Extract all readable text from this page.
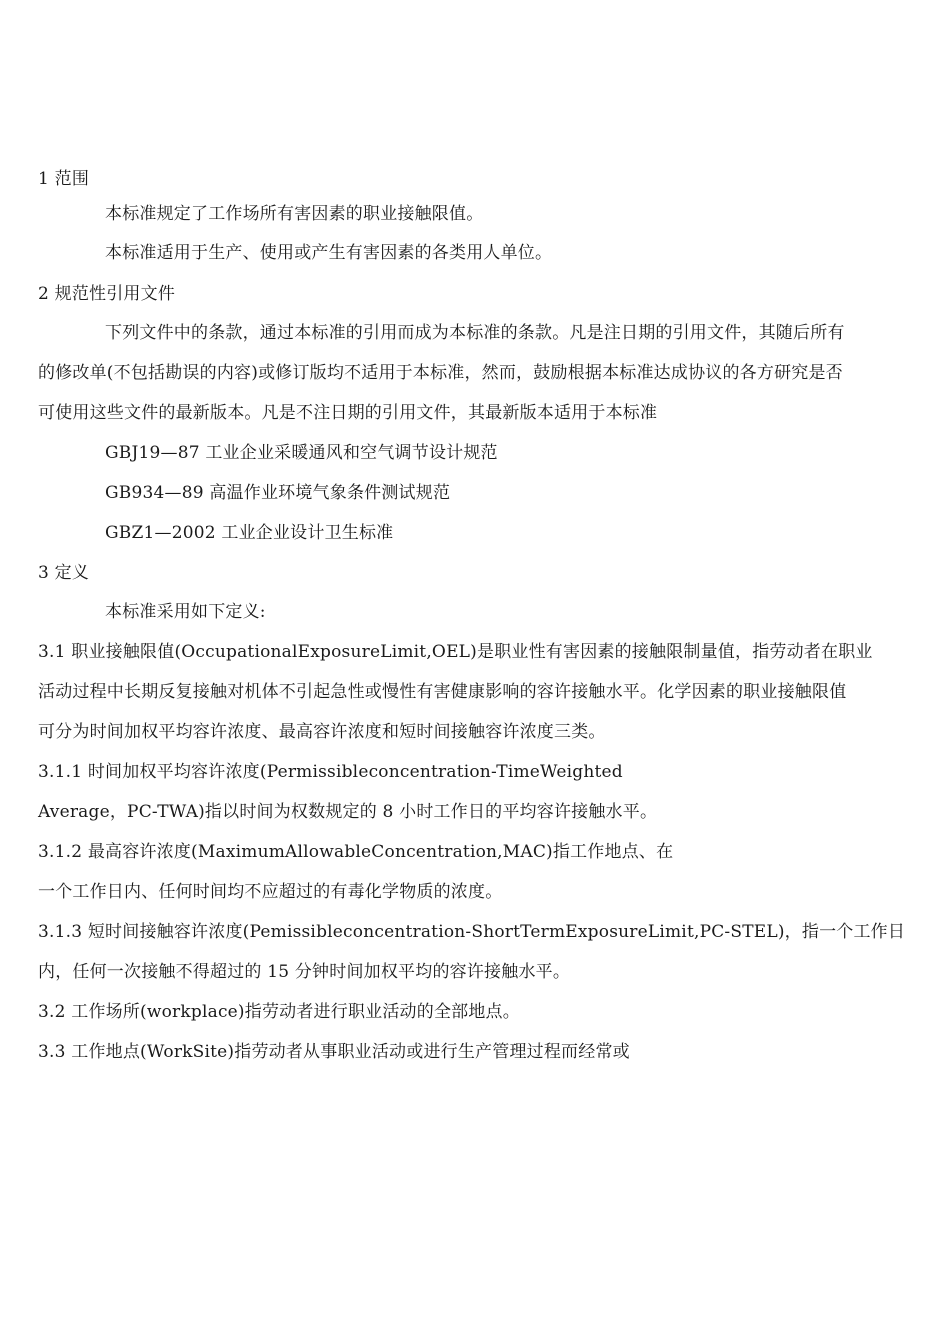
1 范围
本标准规定了工作场所有害因素的职业接触限值。
本标准适用于生产、使用或产生有害因素的各类用人单位。
2 规范性引用文件
下列文件中的条款，通过本标准的引用而成为本标准的条款。凡是注日期的引用文件，其随后所有
的修改单(不包括勘误的内容)或修订版均不适用于本标准，然而，鼓励根据本标准达成协议的各方研究是否
可使用这些文件的最新版本。凡是不注日期的引用文件，其最新版本适用于本标准
GBJ19—87 工业企业采暖通风和空气调节设计规范
GB934—89 高温作业环境气象条件测试规范
GBZ1—2002 工业企业设计卫生标准
3 定义
本标准采用如下定义:
3.1 职业接触限值(OccupationalExposureLimit,OEL)是职业性有害因素的接触限制量值，指劳动者在职业
活动过程中长期反复接触对机体不引起急性或慢性有害健康影响的容许接触水平。化学因素的职业接触限值
可分为时间加权平均容许浓度、最高容许浓度和短时间接触容许浓度三类。
3.1.1 时间加权平均容许浓度(Permissibleconcentration-TimeWeighted
Average，PC-TWA)指以时间为权数规定的 8 小时工作日的平均容许接触水平。
3.1.2 最高容许浓度(MaximumAllowableConcentration,MAC)指工作地点、在
一个工作日内、任何时间均不应超过的有毒化学物质的浓度。
3.1.3 短时间接触容许浓度(Pemissibleconcentration-ShortTermExposureLimit,PC-STEL)，指一个工作日
内，任何一次接触不得超过的 15 分钟时间加权平均的容许接触水平。
3.2 工作场所(workplace)指劳动者进行职业活动的全部地点。
3.3 工作地点(WorkSite)指劳动者从事职业活动或进行生产管理过程而经常或
